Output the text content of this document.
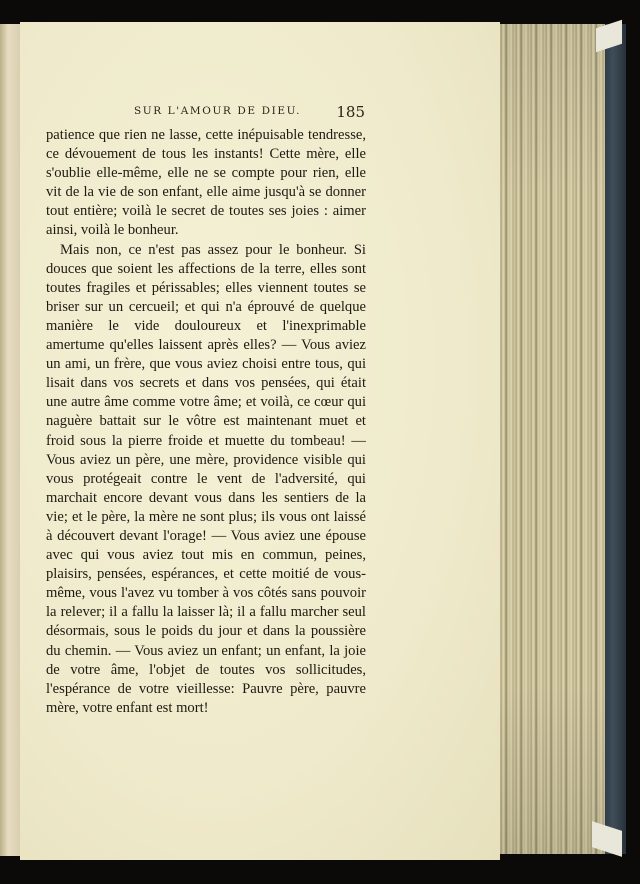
SUR L'AMOUR DE DIEU. 185

patience que rien ne lasse, cette inépuisable tendresse, ce dévouement de tous les instants! Cette mère, elle s'oublie elle-même, elle ne se compte pour rien, elle vit de la vie de son enfant, elle aime jusqu'à se donner tout entière; voilà le secret de toutes ses joies : aimer ainsi, voilà le bonheur.

Mais non, ce n'est pas assez pour le bonheur. Si douces que soient les affections de la terre, elles sont toutes fragiles et périssables; elles viennent toutes se briser sur un cercueil; et qui n'a éprouvé de quelque manière le vide douloureux et l'inexprimable amertume qu'elles laissent après elles? — Vous aviez un ami, un frère, que vous aviez choisi entre tous, qui lisait dans vos secrets et dans vos pensées, qui était une autre âme comme votre âme; et voilà, ce cœur qui naguère battait sur le vôtre est maintenant muet et froid sous la pierre froide et muette du tombeau! — Vous aviez un père, une mère, providence visible qui vous protégeait contre le vent de l'adversité, qui marchait encore devant vous dans les sentiers de la vie; et le père, la mère ne sont plus; ils vous ont laissé à découvert devant l'orage! — Vous aviez une épouse avec qui vous aviez tout mis en commun, peines, plaisirs, pensées, espérances, et cette moitié de vous-même, vous l'avez vu tomber à vos côtés sans pouvoir la relever; il a fallu la laisser là; il a fallu marcher seul désormais, sous le poids du jour et dans la poussière du chemin. — Vous aviez un enfant; un enfant, la joie de votre âme, l'objet de toutes vos sollicitudes, l'espérance de votre vieillesse: Pauvre père, pauvre mère, votre enfant est mort!
